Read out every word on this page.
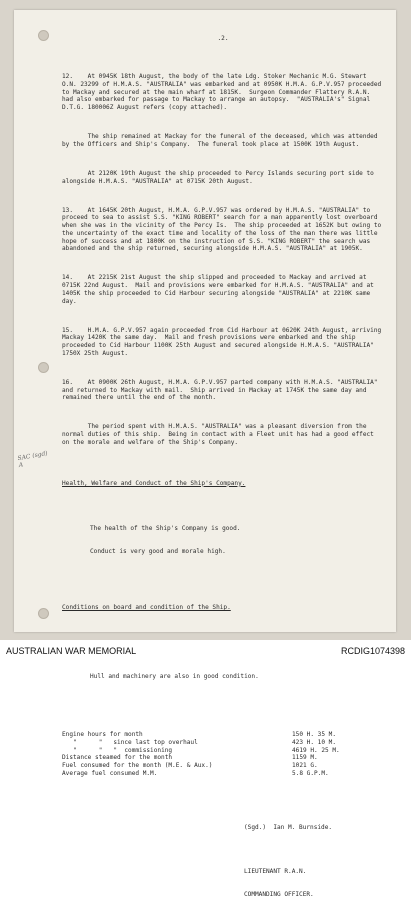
SAC (sgd) A

.2.

12.    At 0945K 18th August, the body of the late Ldg. Stoker Mechanic M.G. Stewart O.N. 23299 of H.M.A.S. "AUSTRALIA" was embarked and at 0950K H.M.A. G.P.V.957 proceeded to Mackay and secured at the main wharf at 1815K.  Surgeon Commander Flattery R.A.N. had also embarked for passage to Mackay to arrange an autopsy.  "AUSTRALIA's" Signal D.T.G. 180006Z August refers (copy attached).

The ship remained at Mackay for the funeral of the deceased, which was attended by the Officers and Ship's Company.  The funeral took place at 1500K 19th August.

At 2120K 19th August the ship proceeded to Percy Islands securing port side to alongside H.M.A.S. "AUSTRALIA" at 0715K 20th August.

13.    At 1645K 20th August, H.M.A. G.P.V.957 was ordered by H.M.A.S. "AUSTRALIA" to proceed to sea to assist S.S. "KING ROBERT" search for a man apparently lost overboard when she was in the vicinity of the Percy Is.  The ship proceeded at 1652K but owing to the uncertainty of the exact time and locality of the loss of the man there was little hope of success and at 1800K on the instruction of S.S. "KING ROBERT" the search was abandoned and the ship returned, securing alongside H.M.A.S. "AUSTRALIA" at 1905K.

14.    At 2215K 21st August the ship slipped and proceeded to Mackay and arrived at 0715K 22nd August.  Mail and provisions were embarked for H.M.A.S. "AUSTRALIA" and at 1405K the ship proceeded to Cid Harbour securing alongside "AUSTRALIA" at 2210K same day.

15.    H.M.A. G.P.V.957 again proceeded from Cid Harbour at 0620K 24th August, arriving Mackay 1420K the same day.  Mail and fresh provisions were embarked and the ship proceeded to Cid Harbour 1100K 25th August and secured alongside H.M.A.S. "AUSTRALIA" 1750X 25th August.

16.    At 0900K 26th August, H.M.A. G.P.V.957 parted company with H.M.A.S. "AUSTRALIA" and returned to Mackay with mail.  Ship arrived in Mackay at 1745K the same day and remained there until the end of the month.

The period spent with H.M.A.S. "AUSTRALIA" was a pleasant diversion from the normal duties of this ship.  Being in contact with a Fleet unit has had a good effect on the morale and welfare of the Ship's Company.

Health, Welfare and Conduct of the Ship's Company.

The health of the Ship's Company is good.

Conduct is very good and morale high.

Conditions on board and condition of the Ship.

Hull and machinery are also in good condition.

Engine hours for month	150 H. 35 M.
"      "   since last top overhaul	423 H. 10 M.
"      "   "  commissioning	4619 H. 25 M.
Distance steamed for the month	1159 M.
Fuel consumed for the month (M.E. & Aux.)	1021 G.
Average fuel consumed M.M.	5.8 G.P.M.

(Sgd.)  Ian M. Burnside.

LIEUTENANT R.A.N.

COMMANDING OFFICER.

AUSTRALIAN WAR MEMORIAL	RCDIG1074398
